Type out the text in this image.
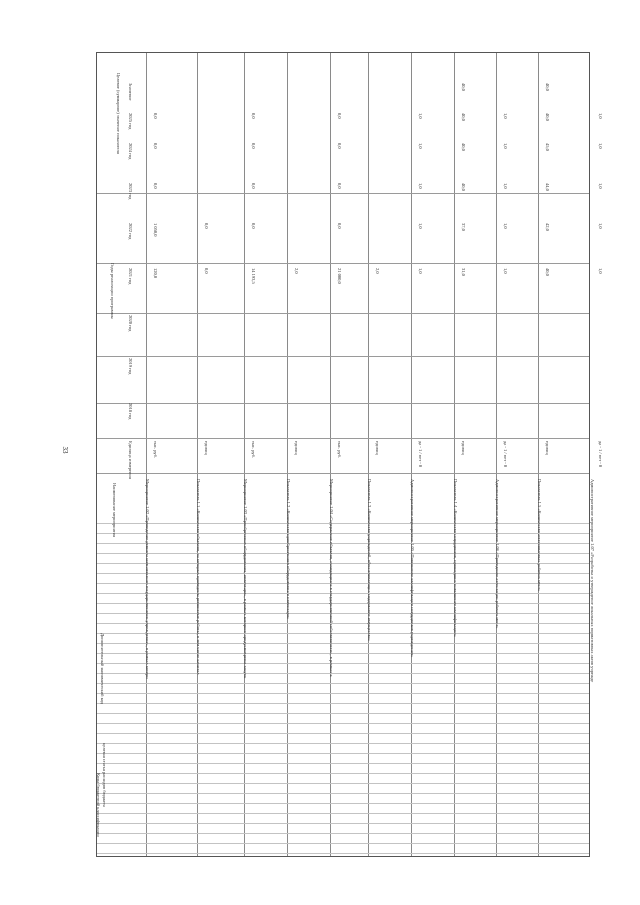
33
Целевое (суммарное) значение показателя Значение
Годы реализации программы
Единица измерения
2018 год
Наименование мероприятия
Дополнительный экономический код
целевая статья расходов бюджета
Коды бюджетной классификации
2019 год
2020 год
2021 год
2022 год
2023 год
2024 год
2025 год
Мероприятие 1.02 «Проведение ремонта комплексного государственного учреждения», в рамках которо
тыс. руб.
120,0
1 050,0
0,0
0,0
0,0
Показатель 1.1 «Количество объектов, на которых проведены ремонтные работы, в том числе капитал
единиц
0,0
0,0
Мероприятие 1.03 «Приобретение оборудования, инвентаря», в рамках которого предусмотрены закупк
тыс. руб.
14 193,5
0,0
0,0
0,0
0,0
Показатель 1.2 «Количество приобретенного оборудования и инвентаря»
единиц
2,0
Мероприятие 1.04 «Содержание объектов, находящихся в государственной собственности», в рамках к
тыс. руб.
21 000,0
0,0
0,0
0,0
0,0
Показатель 1.3 «Количество учреждений, обеспечивающих содержание имущества»
единиц
2,0
Административное мероприятие 1.05 «Повышение квалификации сотрудников учреждения»
да - 1 / нет - 0
1,0
1,0
1,0
1,0
1,0
Показатель 1.4 «Количество сотрудников, прошедших повышение квалификации»
единиц
31,0
37,0
40,0
40,0
40,0
40,0
Административное мероприятие 1.06 «Проведение аттестации рабочих мест»
да - 1 / нет - 0
1,0
1,0
1,0
1,0
1,0
Показатель 1.5 «Количество аттестованных рабочих мест»
единиц
40,0
42,0
44,0
45,0
40,0
40,0
Административное мероприятие 1.07 «Разработка и утверждение локальных нормативных актов учрежде
да - 1 / нет - 0
1,0
1,0
1,0
1,0
1,0
